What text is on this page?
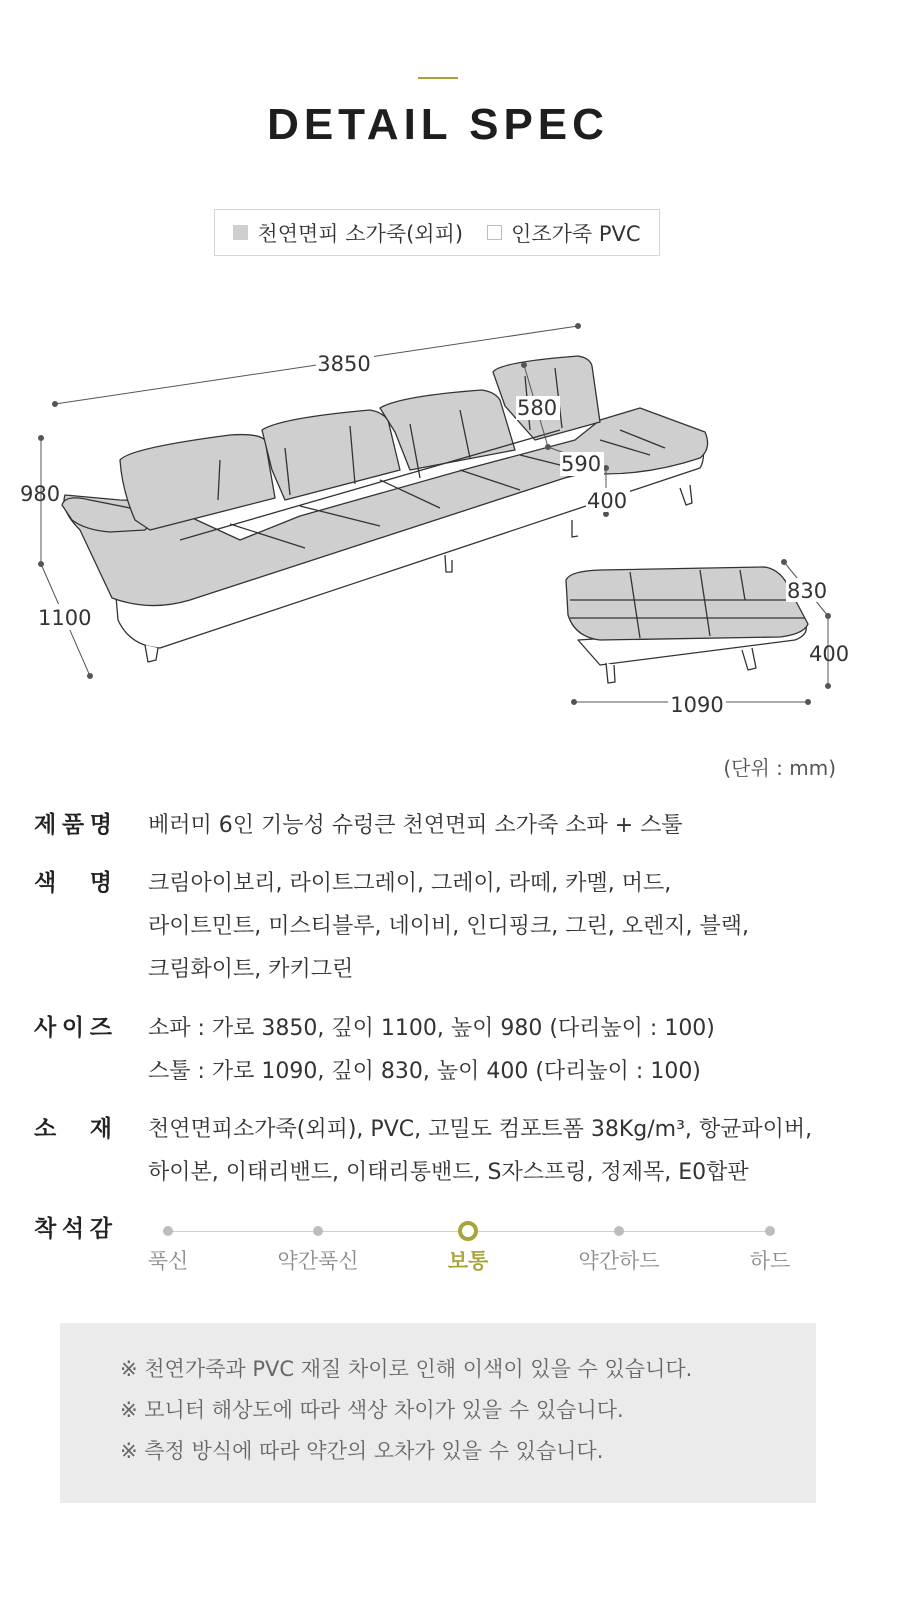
DETAIL SPEC
천연면피 소가죽(외피) 인조가죽 PVC
3850
980
1100
580
590
400
830
400
1090
(단위 : mm)
제 품 명 베러미 6인 기능성 슈렁큰 천연면피 소가죽 소파 + 스툴
색 명 크림아이보리, 라이트그레이, 그레이, 라떼, 카멜, 머드,
라이트민트, 미스티블루, 네이비, 인디핑크, 그린, 오렌지, 블랙,
크림화이트, 카키그린
사 이 즈 소파 : 가로 3850, 깊이 1100, 높이 980 (다리높이 : 100)
스툴 : 가로 1090, 깊이 830, 높이 400 (다리높이 : 100)
소 재 천연면피소가죽(외피), PVC, 고밀도 컴포트폼 38Kg/m³, 항균파이버,
하이본, 이태리밴드, 이태리통밴드, S자스프링, 정제목, E0합판
착 석 감
푹신	약간푹신	보통	약간하드	하드
※ 천연가죽과 PVC 재질 차이로 인해 이색이 있을 수 있습니다.
※ 모니터 해상도에 따라 색상 차이가 있을 수 있습니다.
※ 측정 방식에 따라 약간의 오차가 있을 수 있습니다.
